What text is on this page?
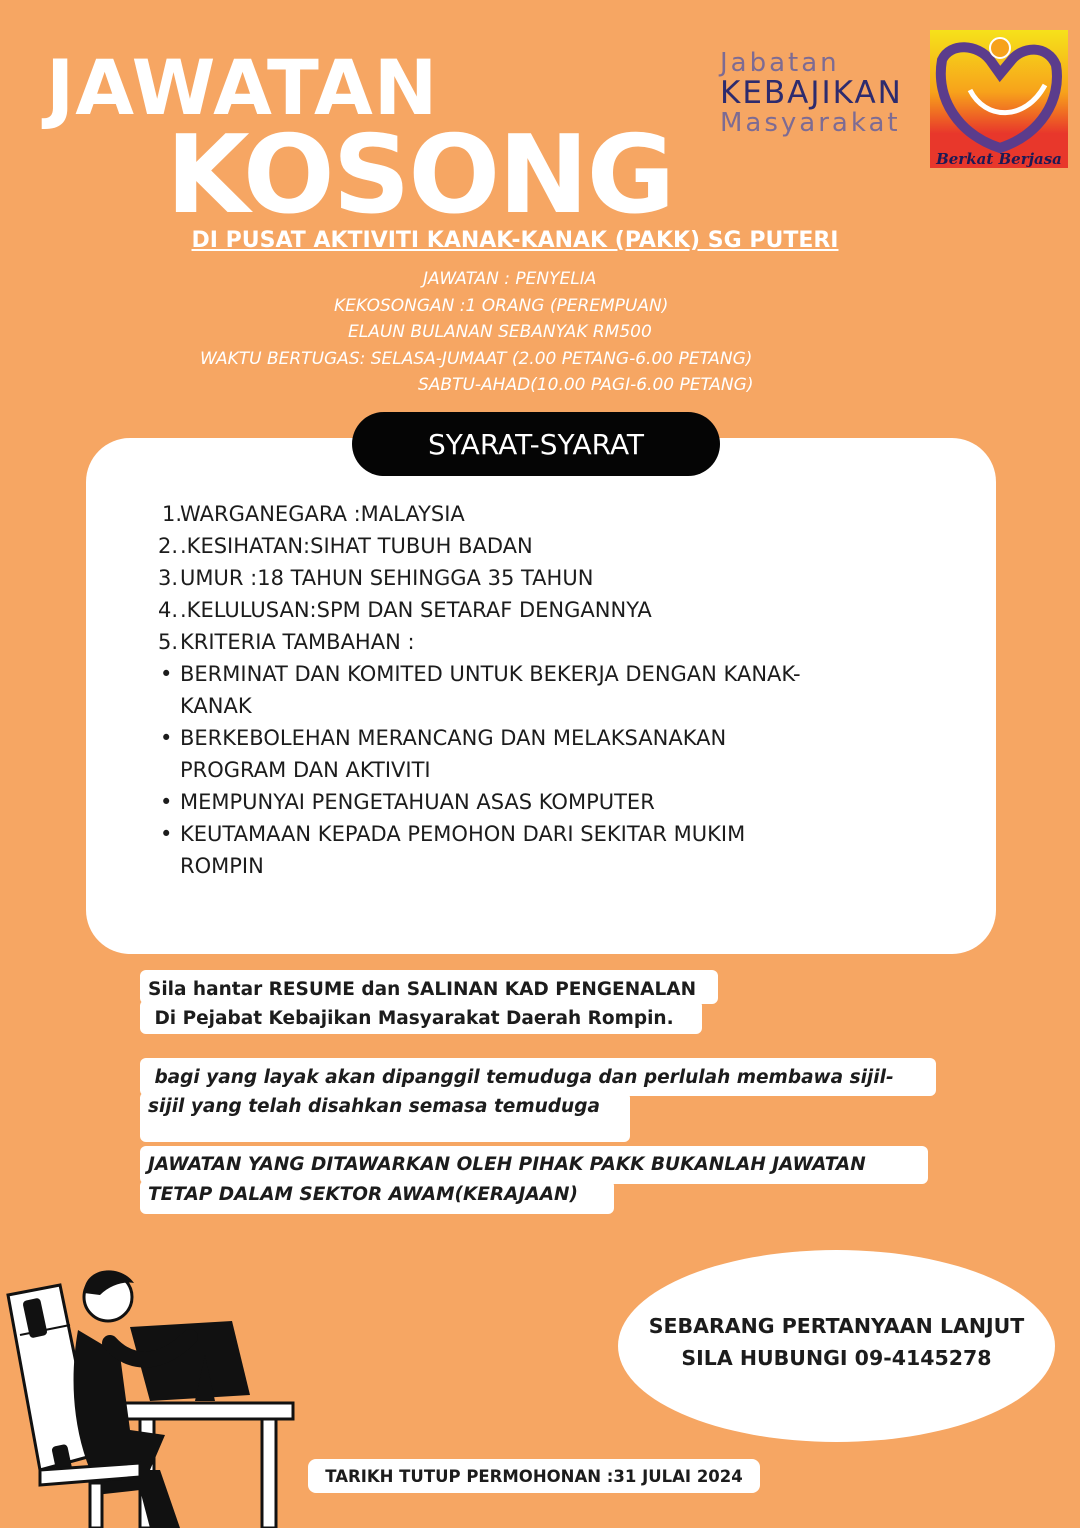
JAWATAN
KOSONG
DI PUSAT AKTIVITI KANAK-KANAK (PAKK) SG PUTERI
JAWATAN : PENYELIA
KEKOSONGAN :1 ORANG (PEREMPUAN)
ELAUN BULANAN SEBANYAK RM500
WAKTU BERTUGAS: SELASA-JUMAAT (2.00 PETANG-6.00 PETANG)
SABTU-AHAD(10.00 PAGI-6.00 PETANG)
Jabatan
KEBAJIKAN
Masyarakat
Berkat Berjasa
SYARAT-SYARAT
1.
WARGANEGARA :MALAYSIA
2. .KESIHATAN:SIHAT TUBUH BADAN
3. UMUR :18 TAHUN SEHINGGA 35 TAHUN
4. .KELULUSAN:SPM DAN SETARAF DENGANNYA
5. KRITERIA TAMBAHAN :
• BERMINAT DAN KOMITED UNTUK BEKERJA DENGAN KANAK-
KANAK
• BERKEBOLEHAN MERANCANG DAN MELAKSANAKAN
PROGRAM DAN AKTIVITI
• MEMPUNYAI PENGETAHUAN ASAS KOMPUTER
• KEUTAMAAN KEPADA PEMOHON DARI SEKITAR MUKIM
ROMPIN
Sila hantar RESUME dan SALINAN KAD PENGENALAN
Di Pejabat Kebajikan Masyarakat Daerah Rompin.
bagi yang layak akan dipanggil temuduga dan perlulah membawa sijil-
sijil yang telah disahkan semasa temuduga
JAWATAN YANG DITAWARKAN OLEH PIHAK PAKK BUKANLAH JAWATAN
TETAP DALAM SEKTOR AWAM(KERAJAAN)
SEBARANG PERTANYAAN LANJUT
SILA HUBUNGI 09-4145278
TARIKH TUTUP PERMOHONAN :31 JULAI 2024
